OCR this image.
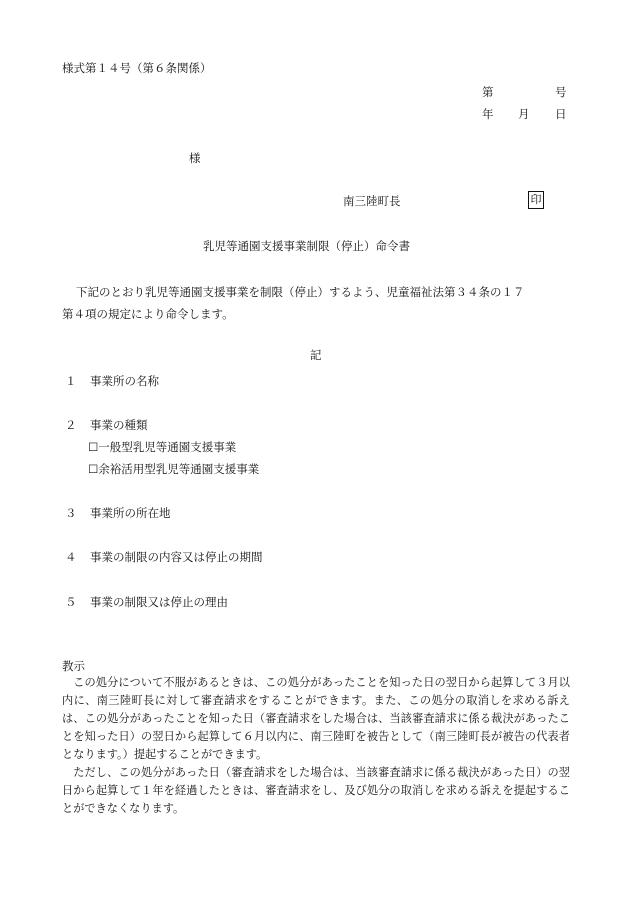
様式第１４号（第６条関係）
第	号
年 月 日
様
南三陸町長	印
乳児等通園支援事業制限（停止）命令書
下記のとおり乳児等通園支援事業を制限（停止）するよう、児童福祉法第３４条の１７
第４項の規定により命令します。
記
１ 事業所の名称
２ 事業の種類
☐一般型乳児等通園支援事業
☐余裕活用型乳児等通園支援事業
３ 事業所の所在地
４ 事業の制限の内容又は停止の期間
５ 事業の制限又は停止の理由
教示

この処分について不服があるときは、この処分があったことを知った日の翌日から起算して３月以内に、南三陸町長に対して審査請求をすることができます。また、この処分の取消しを求める訴えは、この処分があったことを知った日（審査請求をした場合は、当該審査請求に係る裁決があったことを知った日）の翌日から起算して６月以内に、南三陸町を被告として（南三陸町長が被告の代表者となります。）提起することができます。

ただし、この処分があった日（審査請求をした場合は、当該審査請求に係る裁決があった日）の翌日から起算して１年を経過したときは、審査請求をし、及び処分の取消しを求める訴えを提起することができなくなります。
